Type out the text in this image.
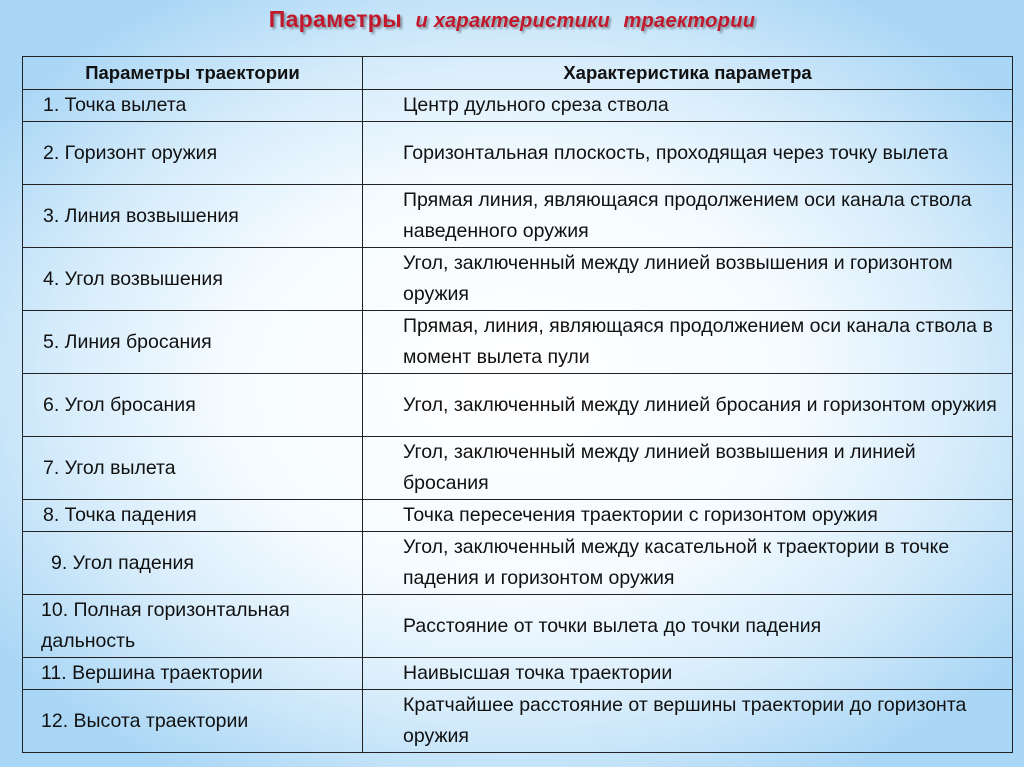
Параметры и характеристики траектории
Параметры траектории	Характеристика параметра
1. Точка вылета	Центр дульного среза ствола
2. Горизонт оружия	Горизонтальная плоскость, проходящая через точку вылета
3. Линия возвышения	Прямая линия, являющаяся продолжением оси канала ствола наведенного оружия
4. Угол возвышения	Угол, заключенный между линией возвышения и горизонтом оружия
5. Линия бросания	Прямая, линия, являющаяся продолжением оси канала ствола в момент вылета пули
6. Угол бросания	Угол, заключенный между линией бросания и горизонтом оружия
7. Угол вылета	Угол, заключенный между линией возвышения и линией бросания
8. Точка падения	Точка пересечения траектории с горизонтом оружия
9. Угол падения	Угол, заключенный между касательной к траектории в точке падения и горизонтом оружия
10. Полная горизонтальная дальность	Расстояние от точки вылета до точки падения
11. Вершина траектории	Наивысшая точка траектории
12. Высота траектории	Кратчайшее расстояние от вершины траектории до горизонта оружия
